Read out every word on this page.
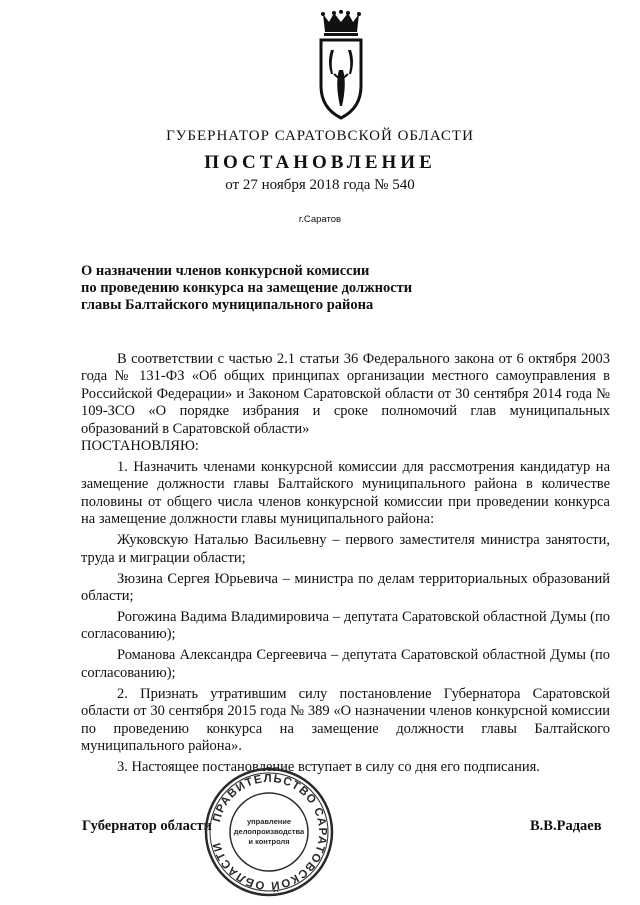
ГУБЕРНАТОР САРАТОВСКОЙ ОБЛАСТИ
ПОСТАНОВЛЕНИЕ
от 27 ноября 2018 года № 540
г.Саратов
О назначении членов конкурсной комиссии
по проведению конкурса на замещение должности
главы Балтайского муниципального района

В соответствии с частью 2.1 статьи 36 Федерального закона от 6 октября 2003 года № 131-ФЗ «Об общих принципах организации местного самоуправления в Российской Федерации» и Законом Саратовской области от 30 сентября 2014 года № 109-ЗСО «О порядке избрания и сроке полномочий глав муниципальных образований в Саратовской области»

ПОСТАНОВЛЯЮ:

1. Назначить членами конкурсной комиссии для рассмотрения кандидатур на замещение должности главы Балтайского муниципального района в количестве половины от общего числа членов конкурсной комиссии при проведении конкурса на замещение должности главы муниципального района:

Жуковскую Наталью Васильевну – первого заместителя министра занятости, труда и миграции области;

Зюзина Сергея Юрьевича – министра по делам территориальных образований области;

Рогожина Вадима Владимировича – депутата Саратовской областной Думы (по согласованию);

Романова Александра Сергеевича – депутата Саратовской областной Думы (по согласованию);

2. Признать утратившим силу постановление Губернатора Саратовской области от 30 сентября 2015 года № 389 «О назначении членов конкурсной комиссии по проведению конкурса на замещение должности главы Балтайского муниципального района».

3. Настоящее постановление вступает в силу со дня его подписания.

Губернатор области
ПРАВИТЕЛЬСТВО САРАТОВСКОЙ ОБЛАСТИ
управление
делопроизводства
и контроля
В.В.Радаев
